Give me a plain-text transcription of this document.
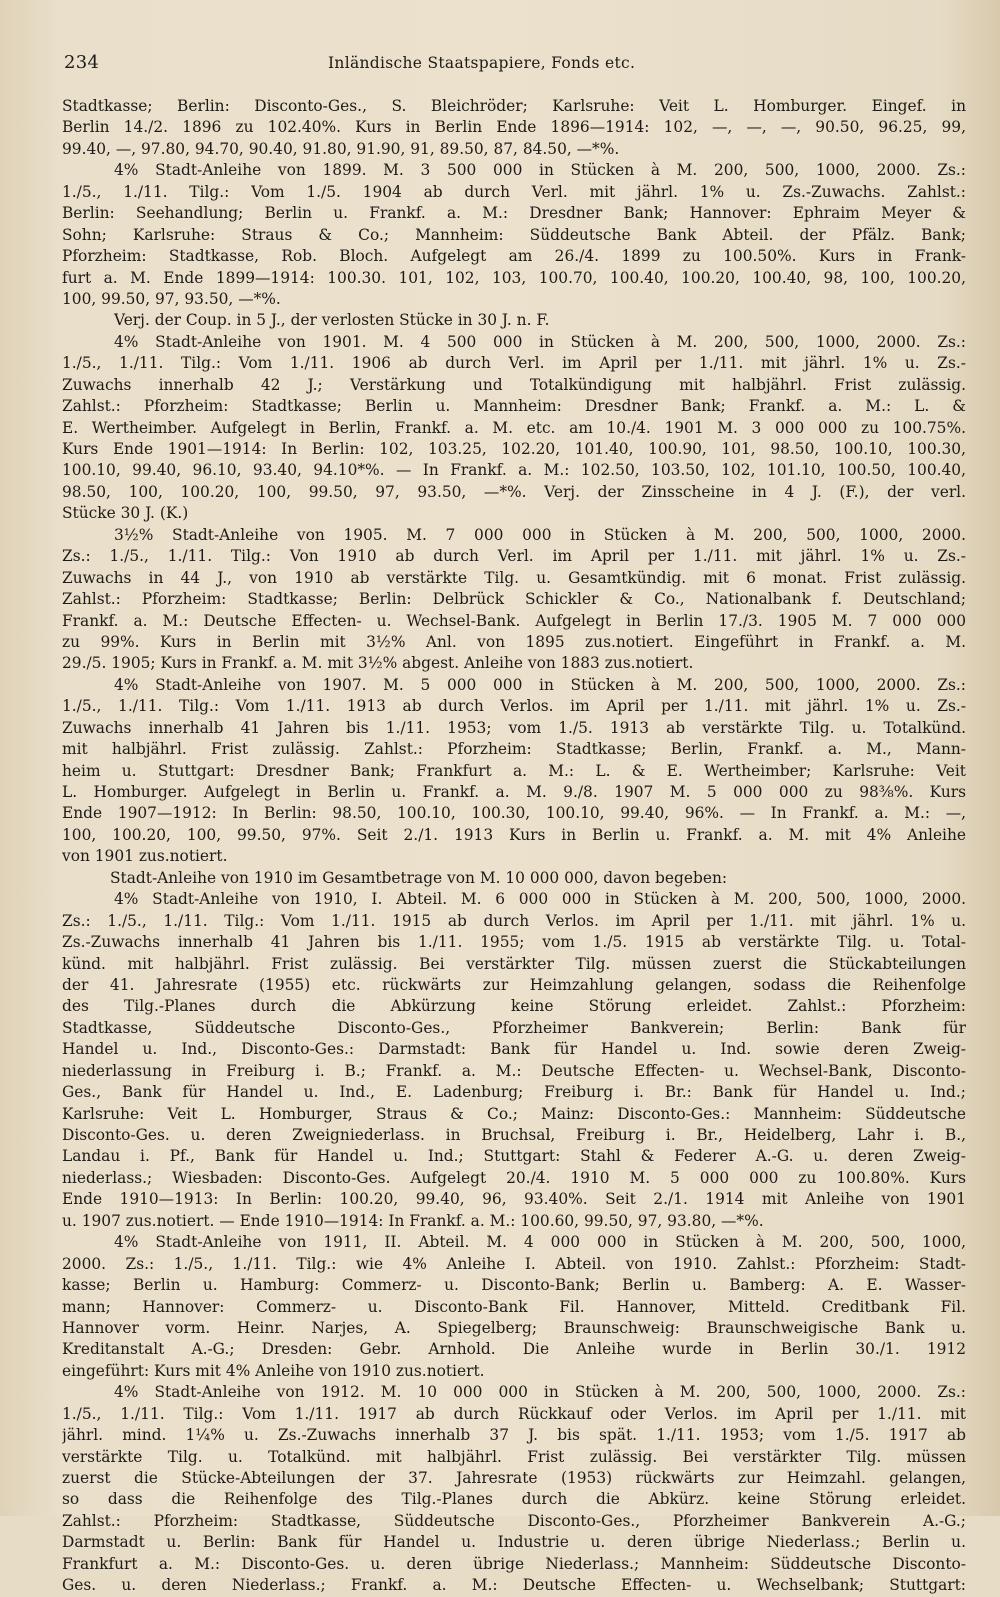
234	Inländische Staatspapiere, Fonds etc.
Stadtkasse; Berlin: Disconto-Ges., S. Bleichröder; Karlsruhe: Veit L. Homburger. Eingef. in
Berlin 14./2. 1896 zu 102.40%. Kurs in Berlin Ende 1896—1914: 102, —, —, —, 90.50, 96.25, 99,
99.40, —, 97.80, 94.70, 90.40, 91.80, 91.90, 91, 89.50, 87, 84.50, —*%.
4% Stadt-Anleihe von 1899. M. 3 500 000 in Stücken à M. 200, 500, 1000, 2000. Zs.:
1./5., 1./11. Tilg.: Vom 1./5. 1904 ab durch Verl. mit jährl. 1% u. Zs.-Zuwachs. Zahlst.:
Berlin: Seehandlung; Berlin u. Frankf. a. M.: Dresdner Bank; Hannover: Ephraim Meyer &
Sohn; Karlsruhe: Straus & Co.; Mannheim: Süddeutsche Bank Abteil. der Pfälz. Bank;
Pforzheim: Stadtkasse, Rob. Bloch. Aufgelegt am 26./4. 1899 zu 100.50%. Kurs in Frank-
furt a. M. Ende 1899—1914: 100.30. 101, 102, 103, 100.70, 100.40, 100.20, 100.40, 98, 100, 100.20,
100, 99.50, 97, 93.50, —*%.
Verj. der Coup. in 5 J., der verlosten Stücke in 30 J. n. F.
4% Stadt-Anleihe von 1901. M. 4 500 000 in Stücken à M. 200, 500, 1000, 2000. Zs.:
1./5., 1./11. Tilg.: Vom 1./11. 1906 ab durch Verl. im April per 1./11. mit jährl. 1% u. Zs.-
Zuwachs innerhalb 42 J.; Verstärkung und Totalkündigung mit halbjährl. Frist zulässig.
Zahlst.: Pforzheim: Stadtkasse; Berlin u. Mannheim: Dresdner Bank; Frankf. a. M.: L. &
E. Wertheimber. Aufgelegt in Berlin, Frankf. a. M. etc. am 10./4. 1901 M. 3 000 000 zu 100.75%.
Kurs Ende 1901—1914: In Berlin: 102, 103.25, 102.20, 101.40, 100.90, 101, 98.50, 100.10, 100.30,
100.10, 99.40, 96.10, 93.40, 94.10*%. — In Frankf. a. M.: 102.50, 103.50, 102, 101.10, 100.50, 100.40,
98.50, 100, 100.20, 100, 99.50, 97, 93.50, —*%. Verj. der Zinsscheine in 4 J. (F.), der verl.
Stücke 30 J. (K.)
3½% Stadt-Anleihe von 1905. M. 7 000 000 in Stücken à M. 200, 500, 1000, 2000.
Zs.: 1./5., 1./11. Tilg.: Von 1910 ab durch Verl. im April per 1./11. mit jährl. 1% u. Zs.-
Zuwachs in 44 J., von 1910 ab verstärkte Tilg. u. Gesamtkündig. mit 6 monat. Frist zulässig.
Zahlst.: Pforzheim: Stadtkasse; Berlin: Delbrück Schickler & Co., Nationalbank f. Deutschland;
Frankf. a. M.: Deutsche Effecten- u. Wechsel-Bank. Aufgelegt in Berlin 17./3. 1905 M. 7 000 000
zu 99%. Kurs in Berlin mit 3½% Anl. von 1895 zus.notiert. Eingeführt in Frankf. a. M.
29./5. 1905; Kurs in Frankf. a. M. mit 3½% abgest. Anleihe von 1883 zus.notiert.
4% Stadt-Anleihe von 1907. M. 5 000 000 in Stücken à M. 200, 500, 1000, 2000. Zs.:
1./5., 1./11. Tilg.: Vom 1./11. 1913 ab durch Verlos. im April per 1./11. mit jährl. 1% u. Zs.-
Zuwachs innerhalb 41 Jahren bis 1./11. 1953; vom 1./5. 1913 ab verstärkte Tilg. u. Totalkünd.
mit halbjährl. Frist zulässig. Zahlst.: Pforzheim: Stadtkasse; Berlin, Frankf. a. M., Mann-
heim u. Stuttgart: Dresdner Bank; Frankfurt a. M.: L. & E. Wertheimber; Karlsruhe: Veit
L. Homburger. Aufgelegt in Berlin u. Frankf. a. M. 9./8. 1907 M. 5 000 000 zu 98⅜%. Kurs
Ende 1907—1912: In Berlin: 98.50, 100.10, 100.30, 100.10, 99.40, 96%. — In Frankf. a. M.: —,
100, 100.20, 100, 99.50, 97%. Seit 2./1. 1913 Kurs in Berlin u. Frankf. a. M. mit 4% Anleihe
von 1901 zus.notiert.
Stadt-Anleihe von 1910 im Gesamtbetrage von M. 10 000 000, davon begeben:
4% Stadt-Anleihe von 1910, I. Abteil. M. 6 000 000 in Stücken à M. 200, 500, 1000, 2000.
Zs.: 1./5., 1./11. Tilg.: Vom 1./11. 1915 ab durch Verlos. im April per 1./11. mit jährl. 1% u.
Zs.-Zuwachs innerhalb 41 Jahren bis 1./11. 1955; vom 1./5. 1915 ab verstärkte Tilg. u. Total-
künd. mit halbjährl. Frist zulässig. Bei verstärkter Tilg. müssen zuerst die Stückabteilungen
der 41. Jahresrate (1955) etc. rückwärts zur Heimzahlung gelangen, sodass die Reihenfolge
des Tilg.-Planes durch die Abkürzung keine Störung erleidet. Zahlst.: Pforzheim:
Stadtkasse, Süddeutsche Disconto-Ges., Pforzheimer Bankverein; Berlin: Bank für
Handel u. Ind., Disconto-Ges.: Darmstadt: Bank für Handel u. Ind. sowie deren Zweig-
niederlassung in Freiburg i. B.; Frankf. a. M.: Deutsche Effecten- u. Wechsel-Bank, Disconto-
Ges., Bank für Handel u. Ind., E. Ladenburg; Freiburg i. Br.: Bank für Handel u. Ind.;
Karlsruhe: Veit L. Homburger, Straus & Co.; Mainz: Disconto-Ges.: Mannheim: Süddeutsche
Disconto-Ges. u. deren Zweigniederlass. in Bruchsal, Freiburg i. Br., Heidelberg, Lahr i. B.,
Landau i. Pf., Bank für Handel u. Ind.; Stuttgart: Stahl & Federer A.-G. u. deren Zweig-
niederlass.; Wiesbaden: Disconto-Ges. Aufgelegt 20./4. 1910 M. 5 000 000 zu 100.80%. Kurs
Ende 1910—1913: In Berlin: 100.20, 99.40, 96, 93.40%. Seit 2./1. 1914 mit Anleihe von 1901
u. 1907 zus.notiert. — Ende 1910—1914: In Frankf. a. M.: 100.60, 99.50, 97, 93.80, —*%.
4% Stadt-Anleihe von 1911, II. Abteil. M. 4 000 000 in Stücken à M. 200, 500, 1000,
2000. Zs.: 1./5., 1./11. Tilg.: wie 4% Anleihe I. Abteil. von 1910. Zahlst.: Pforzheim: Stadt-
kasse; Berlin u. Hamburg: Commerz- u. Disconto-Bank; Berlin u. Bamberg: A. E. Wasser-
mann; Hannover: Commerz- u. Disconto-Bank Fil. Hannover, Mitteld. Creditbank Fil.
Hannover vorm. Heinr. Narjes, A. Spiegelberg; Braunschweig: Braunschweigische Bank u.
Kreditanstalt A.-G.; Dresden: Gebr. Arnhold. Die Anleihe wurde in Berlin 30./1. 1912
eingeführt: Kurs mit 4% Anleihe von 1910 zus.notiert.
4% Stadt-Anleihe von 1912. M. 10 000 000 in Stücken à M. 200, 500, 1000, 2000. Zs.:
1./5., 1./11. Tilg.: Vom 1./11. 1917 ab durch Rückkauf oder Verlos. im April per 1./11. mit
jährl. mind. 1¼% u. Zs.-Zuwachs innerhalb 37 J. bis spät. 1./11. 1953; vom 1./5. 1917 ab
verstärkte Tilg. u. Totalkünd. mit halbjährl. Frist zulässig. Bei verstärkter Tilg. müssen
zuerst die Stücke-Abteilungen der 37. Jahresrate (1953) rückwärts zur Heimzahl. gelangen,
so dass die Reihenfolge des Tilg.-Planes durch die Abkürz. keine Störung erleidet.
Zahlst.: Pforzheim: Stadtkasse, Süddeutsche Disconto-Ges., Pforzheimer Bankverein A.-G.;
Darmstadt u. Berlin: Bank für Handel u. Industrie u. deren übrige Niederlass.; Berlin u.
Frankfurt a. M.: Disconto-Ges. u. deren übrige Niederlass.; Mannheim: Süddeutsche Disconto-
Ges. u. deren Niederlass.; Frankf. a. M.: Deutsche Effecten- u. Wechselbank; Stuttgart:
